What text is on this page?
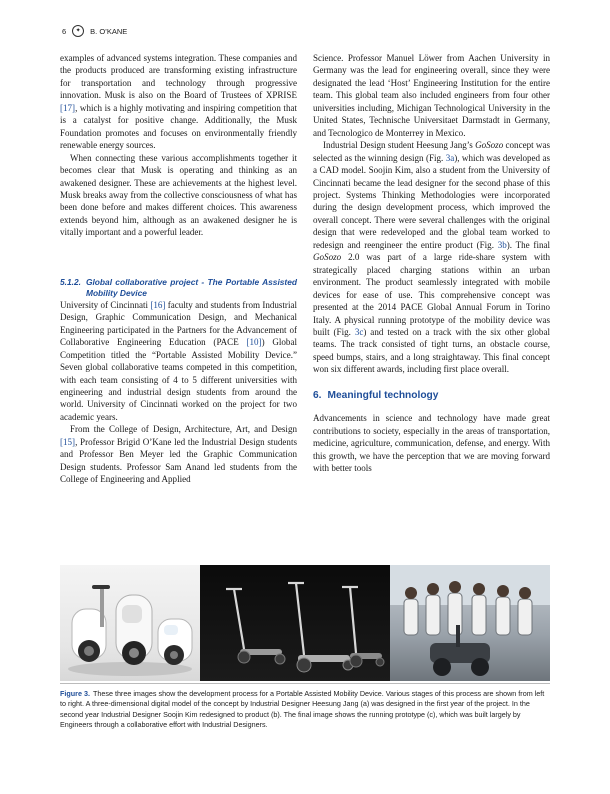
6	✦	B. O’KANE

examples of advanced systems integration. These companies and the products produced are transforming existing infrastructure for transportation and technology through progressive innovation. Musk is also on the Board of Trustees of XPRISE [17], which is a highly motivating and inspiring competition that is a catalyst for positive change. Additionally, the Musk Foundation promotes and focuses on environmentally friendly renewable energy sources.

When connecting these various accomplishments together it becomes clear that Musk is operating and thinking as an awakened designer. These are achievements at the highest level. Musk breaks away from the collective consciousness of what has been done before and makes different choices. This awareness extends beyond him, although as an awakened designer he is vitally important and a powerful leader.

5.1.2. Global collaborative project - The Portable Assisted Mobility Device

University of Cincinnati [16] faculty and students from Industrial Design, Graphic Communication Design, and Mechanical Engineering participated in the Partners for the Advancement of Collaborative Engineering Education (PACE [10]) Global Competition titled the “Portable Assisted Mobility Device.” Seven global collaborative teams competed in this competition, with each team consisting of 4 to 5 different universities with engineering and industrial design students from around the world. University of Cincinnati worked on the project for two academic years.

From the College of Design, Architecture, Art, and Design [15], Professor Brigid O’Kane led the Industrial Design students and Professor Ben Meyer led the Graphic Communication Design students. Professor Sam Anand led students from the College of Engineering and Applied

Science. Professor Manuel Löwer from Aachen University in Germany was the lead for engineering overall, since they were designated the lead ‘Host’ Engineering Institution for the entire team. This global team also included engineers from four other universities including, Michigan Technological University in the United States, Technische Universitaet Darmstadt in Germany, and Tecnologico de Monterrey in Mexico.

Industrial Design student Heesung Jang’s GoSozo concept was selected as the winning design (Fig. 3a), which was developed as a CAD model. Soojin Kim, also a student from the University of Cincinnati became the lead designer for the second phase of this project. Systems Thinking Methodologies were incorporated during the design development process, which improved the overall concept. There were several challenges with the original design that were redeveloped and the global team worked to redesign and reengineer the entire product (Fig. 3b). The final GoSozo 2.0 was part of a large ride-share system with strategically placed charging stations within an urban environment. The product seamlessly integrated with mobile devices for ease of use. This comprehensive concept was presented at the 2014 PACE Global Annual Forum in Torino Italy. A physical running prototype of the mobility device was built (Fig. 3c) and tested on a track with the six other global teams. The track consisted of tight turns, an obstacle course, speed bumps, stairs, and a long straightaway. This final concept won six different awards, including first place overall.

6. Meaningful technology

Advancements in science and technology have made great contributions to society, especially in the areas of transportation, medicine, agriculture, communication, defense, and energy. With this growth, we have the perception that we are moving forward with better tools

Figure 3. These three images show the development process for a Portable Assisted Mobility Device. Various stages of this process are shown from left to right. A three-dimensional digital model of the concept by Industrial Designer Heesung Jang (a) was designed in the first year of the project. In the second year Industrial Designer Soojin Kim redesigned to product (b). The final image shows the running prototype (c), which was built largely by Engineers through a collaborative effort with Industrial Designers.
